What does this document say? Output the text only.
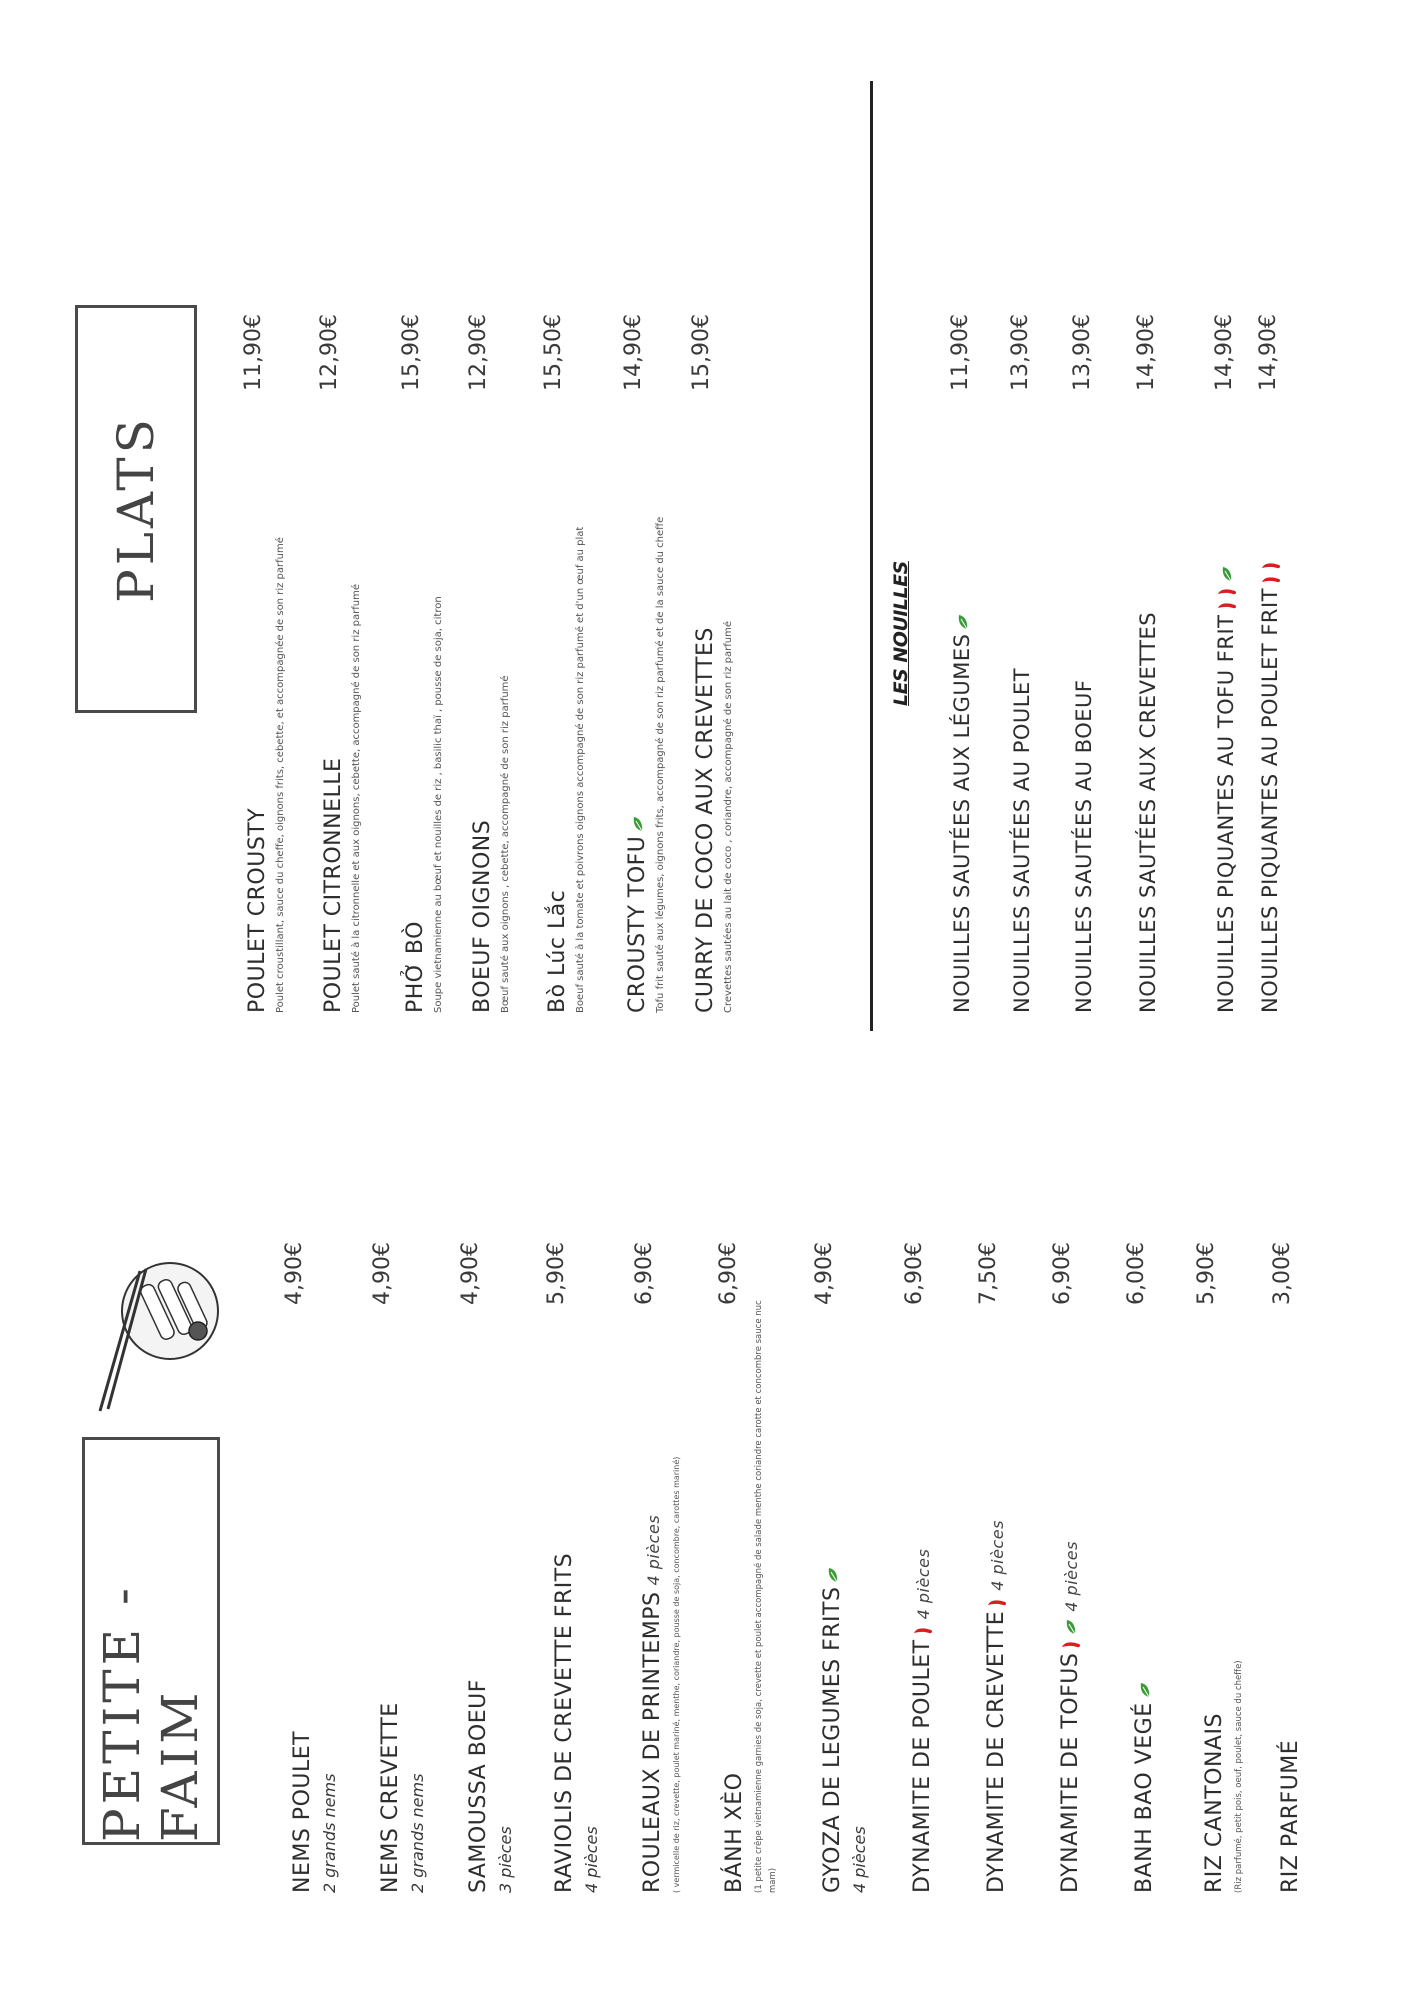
PETITE - FAIM	NEMS POULET 2 grands nems
4,90€
NEMS CREVETTE 2 grands nems
4,90€
SAMOUSSA BOEUF 3 pièces
4,90€
RAVIOLIS DE CREVETTE FRITS 4 pièces
5,90€
ROULEAUX DE PRINTEMPS4 pièces ( vermicelle de riz, crevette, poulet mariné, menthe, coriandre, pousse de soja, concombre, carottes mariné)
6,90€
BÁNH XÈO (1 petite crêpe vietnamienne garnies de soja, crevette et poulet accompagné de salade menthe coriandre carotte et concombre sauce nuc mam)
6,90€
GYOZA DE LEGUMES FRITS 4 pièces
4,90€
DYNAMITE DE POULET4 pièces
6,90€
DYNAMITE DE CREVETTE4 pièces
7,50€
DYNAMITE DE TOFUS4 pièces
6,90€
BANH BAO VEGÉ
6,00€
RIZ CANTONAIS (Riz parfumé, petit pois, oeuf, poulet, sauce du cheffe)
5,90€
RIZ PARFUMÉ
3,00€
PLATS
POULET CROUSTY Poulet croustillant, sauce du cheffe, oignons frits, cebette, et accompagnée de son riz parfumé
11,90€
POULET CITRONNELLE Poulet sauté à la citronnelle et aux oignons, cebette, accompagné de son riz parfumé
12,90€
PHỞ BÒ Soupe vietnamienne au bœuf et nouilles de riz , basilic thaï , pousse de soja, citron
15,90€
BOEUF OIGNONS Bœuf sauté aux oignons , cebette, accompagné de son riz parfumé
12,90€
Bò Lúc Lắc Boeuf sauté à la tomate et poivrons oignons accompagné de son riz parfumé et d'un œuf au plat
15,50€
CROUSTY TOFU Tofu frit sauté aux légumes, oignons frits, accompagné de son riz parfumé et de la sauce du cheffe
14,90€
CURRY DE COCO AUX CREVETTES Crevettes sautées au lait de coco , coriandre, accompagné de son riz parfumé
15,90€
LES NOUILLES NOUILLES SAUTÉES AUX LÉGUMES
11,90€
NOUILLES SAUTÉES AU POULET
13,90€
NOUILLES SAUTÉES AU BOEUF
13,90€
NOUILLES SAUTÉES AUX CREVETTES
14,90€
NOUILLES PIQUANTES AU TOFU FRIT
14,90€
NOUILLES PIQUANTES AU POULET FRIT
14,90€
